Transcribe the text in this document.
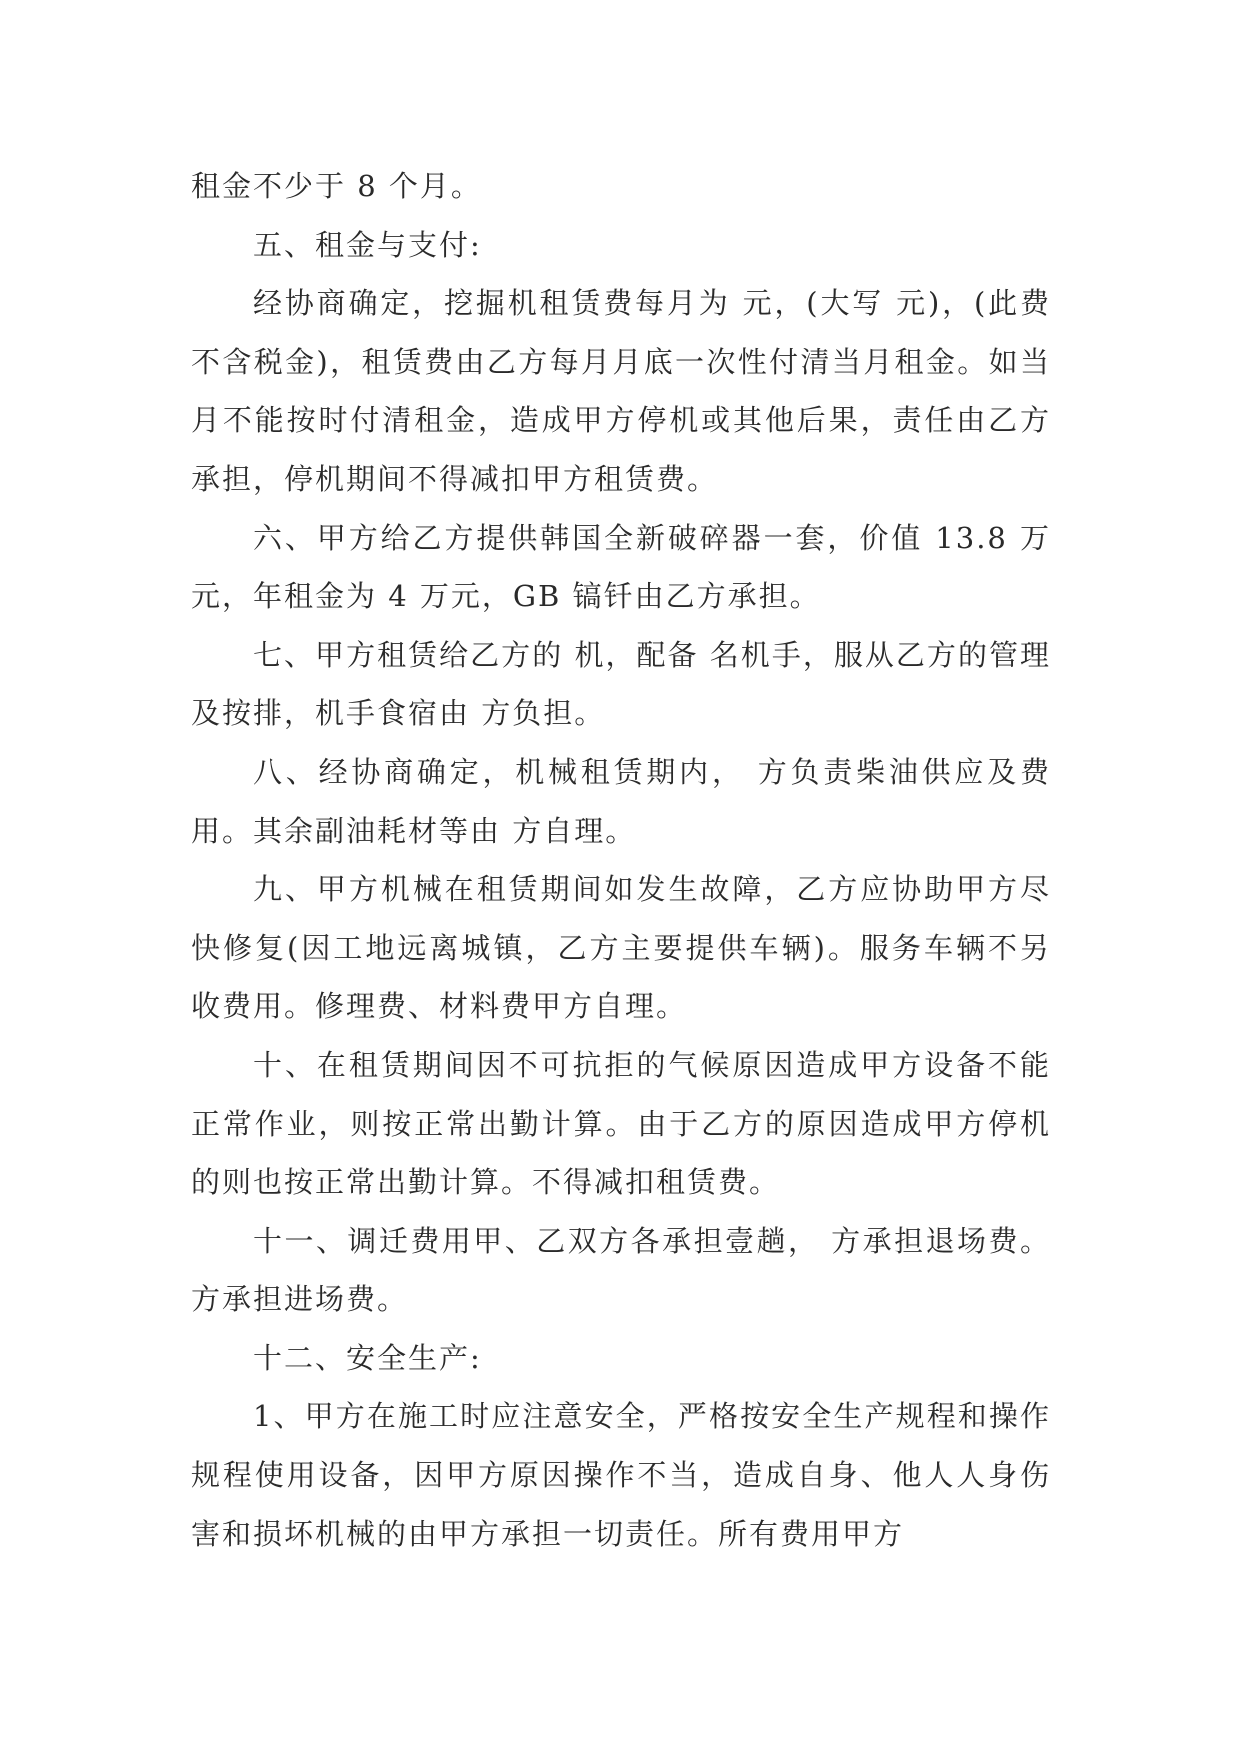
租金不少于 8 个月。

五、租金与支付:

经协商确定，挖掘机租赁费每月为 元，(大写 元)，(此费不含税金)，租赁费由乙方每月月底一次性付清当月租金。如当月不能按时付清租金，造成甲方停机或其他后果，责任由乙方承担，停机期间不得减扣甲方租赁费。

六、甲方给乙方提供韩国全新破碎器一套，价值 13.8 万元，年租金为 4 万元，GB 镐钎由乙方承担。

七、甲方租赁给乙方的 机，配备 名机手，服从乙方的管理及按排，机手食宿由 方负担。

八、经协商确定，机械租赁期内， 方负责柴油供应及费用。其余副油耗材等由 方自理。

九、甲方机械在租赁期间如发生故障，乙方应协助甲方尽快修复(因工地远离城镇，乙方主要提供车辆)。服务车辆不另收费用。修理费、材料费甲方自理。

十、在租赁期间因不可抗拒的气候原因造成甲方设备不能正常作业，则按正常出勤计算。由于乙方的原因造成甲方停机的则也按正常出勤计算。不得减扣租赁费。

十一、调迁费用甲、乙双方各承担壹趟， 方承担退场费。 方承担进场费。

十二、安全生产:

1、甲方在施工时应注意安全，严格按安全生产规程和操作规程使用设备，因甲方原因操作不当，造成自身、他人人身伤害和损坏机械的由甲方承担一切责任。所有费用甲方
